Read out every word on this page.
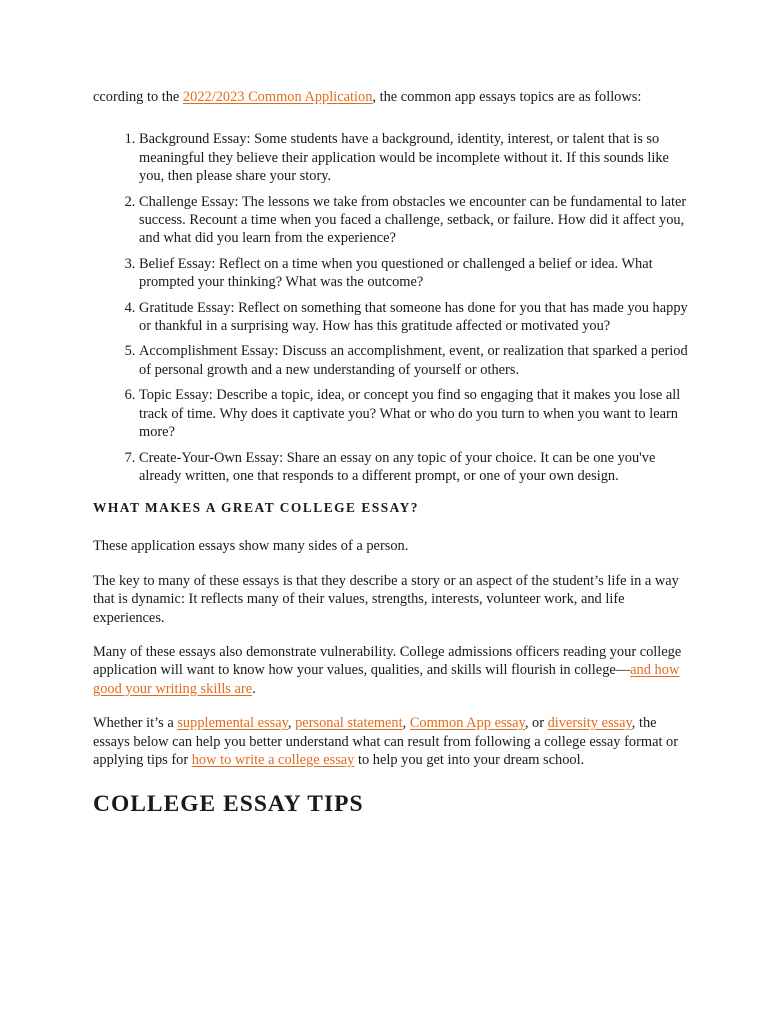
ccording to the 2022/2023 Common Application, the common app essays topics are as follows:

1. Background Essay: Some students have a background, identity, interest, or talent that is so meaningful they believe their application would be incomplete without it. If this sounds like you, then please share your story.
2. Challenge Essay: The lessons we take from obstacles we encounter can be fundamental to later success. Recount a time when you faced a challenge, setback, or failure. How did it affect you, and what did you learn from the experience?
3. Belief Essay: Reflect on a time when you questioned or challenged a belief or idea. What prompted your thinking? What was the outcome?
4. Gratitude Essay: Reflect on something that someone has done for you that has made you happy or thankful in a surprising way. How has this gratitude affected or motivated you?
5. Accomplishment Essay: Discuss an accomplishment, event, or realization that sparked a period of personal growth and a new understanding of yourself or others.
6. Topic Essay: Describe a topic, idea, or concept you find so engaging that it makes you lose all track of time. Why does it captivate you? What or who do you turn to when you want to learn more?
7. Create-Your-Own Essay: Share an essay on any topic of your choice. It can be one you've already written, one that responds to a different prompt, or one of your own design.
WHAT MAKES A GREAT COLLEGE ESSAY?

These application essays show many sides of a person.

The key to many of these essays is that they describe a story or an aspect of the student’s life in a way that is dynamic: It reflects many of their values, strengths, interests, volunteer work, and life experiences.

Many of these essays also demonstrate vulnerability. College admissions officers reading your college application will want to know how your values, qualities, and skills will flourish in college—and how good your writing skills are.

Whether it’s a supplemental essay, personal statement, Common App essay, or diversity essay, the essays below can help you better understand what can result from following a college essay format or applying tips for how to write a college essay to help you get into your dream school.

COLLEGE ESSAY TIPS
